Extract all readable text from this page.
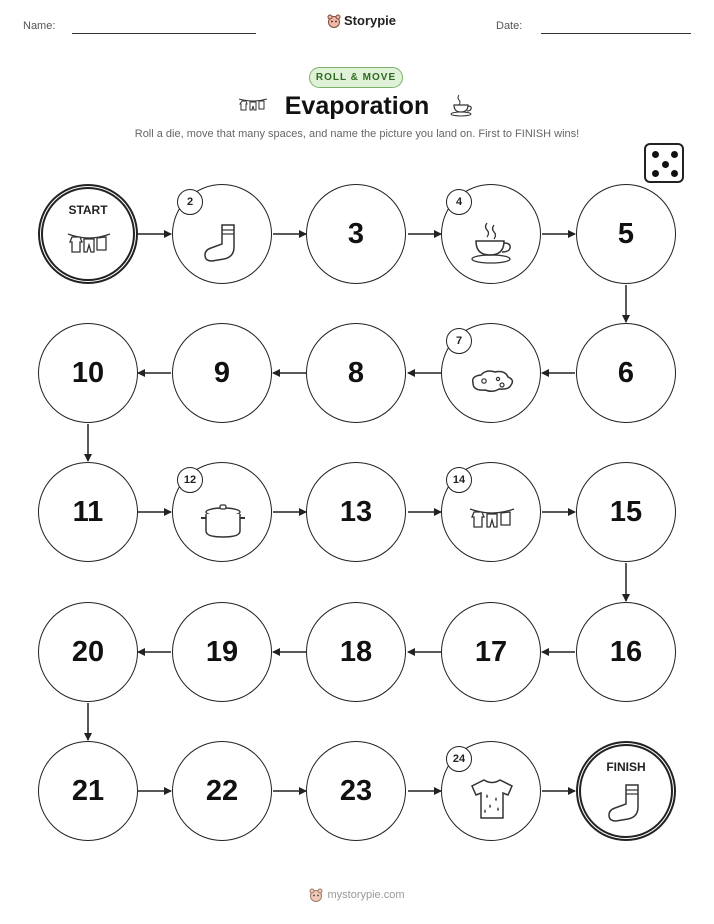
Name:	Storypie	Date:
ROLL & MOVE
Evaporation
Roll a die, move that many spaces, and name the picture you land on. First to FINISH wins!
START
2
3
4
5
6
7
8
9
10
11
12
13
14
15
16
17
18
19
20
21	22	23
24
FINISH
mystorypie.com
